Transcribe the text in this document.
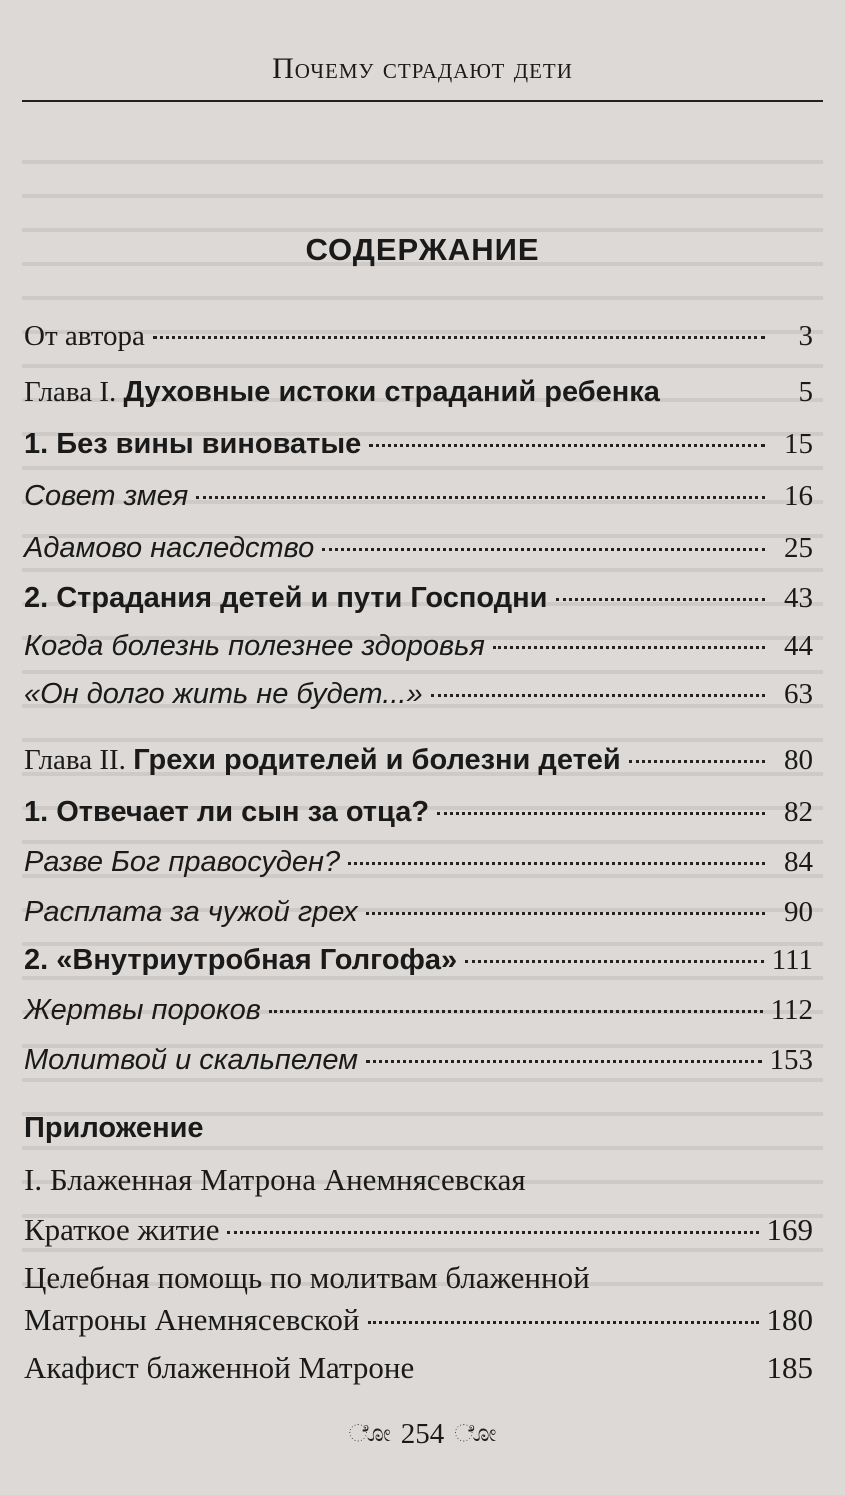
Почему страдают дети
СОДЕРЖАНИЕ
От автора	3
Глава I. Духовные истоки страданий ребенка	5
1. Без вины виноватые	15
Совет змея	16
Адамово наследство	25
2. Страдания детей и пути Господни	43
Когда болезнь полезнее здоровья	44
«Он долго жить не будет...»	63
Глава II. Грехи родителей и болезни детей	80
1. Отвечает ли сын за отца?	82
Разве Бог правосуден?	84
Расплата за чужой грех	90
2. «Внутриутробная Голгофа»	111
Жертвы пороков	112
Молитвой и скальпелем	153
Приложение
I. Блаженная Матрона Анемнясевская
Краткое житие	169
Целебная помощь по молитвам блаженной
Матроны Анемнясевской	180
Акафист блаженной Матроне	185
ೋ 254 ೋ
